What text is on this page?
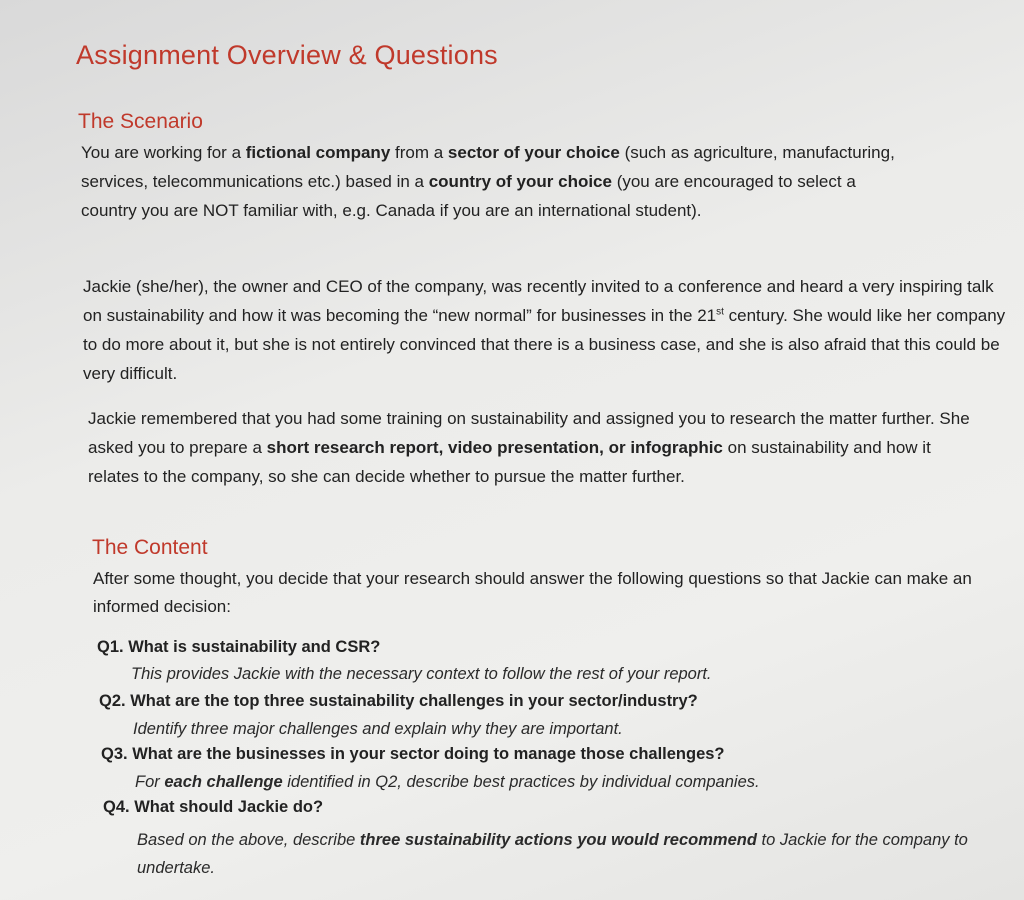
Assignment Overview & Questions
The Scenario
You are working for a fictional company from a sector of your choice (such as agriculture, manufacturing, services, telecommunications etc.) based in a country of your choice (you are encouraged to select a country you are NOT familiar with, e.g. Canada if you are an international student).
Jackie (she/her), the owner and CEO of the company, was recently invited to a conference and heard a very inspiring talk on sustainability and how it was becoming the “new normal” for businesses in the 21st century. She would like her company to do more about it, but she is not entirely convinced that there is a business case, and she is also afraid that this could be very difficult.
Jackie remembered that you had some training on sustainability and assigned you to research the matter further. She asked you to prepare a short research report, video presentation, or infographic on sustainability and how it relates to the company, so she can decide whether to pursue the matter further.
The Content
After some thought, you decide that your research should answer the following questions so that Jackie can make an informed decision:
Q1. What is sustainability and CSR?
This provides Jackie with the necessary context to follow the rest of your report.
Q2. What are the top three sustainability challenges in your sector/industry?
Identify three major challenges and explain why they are important.
Q3. What are the businesses in your sector doing to manage those challenges?
For each challenge identified in Q2, describe best practices by individual companies.
Q4. What should Jackie do?
Based on the above, describe three sustainability actions you would recommend to Jackie for the company to undertake.
